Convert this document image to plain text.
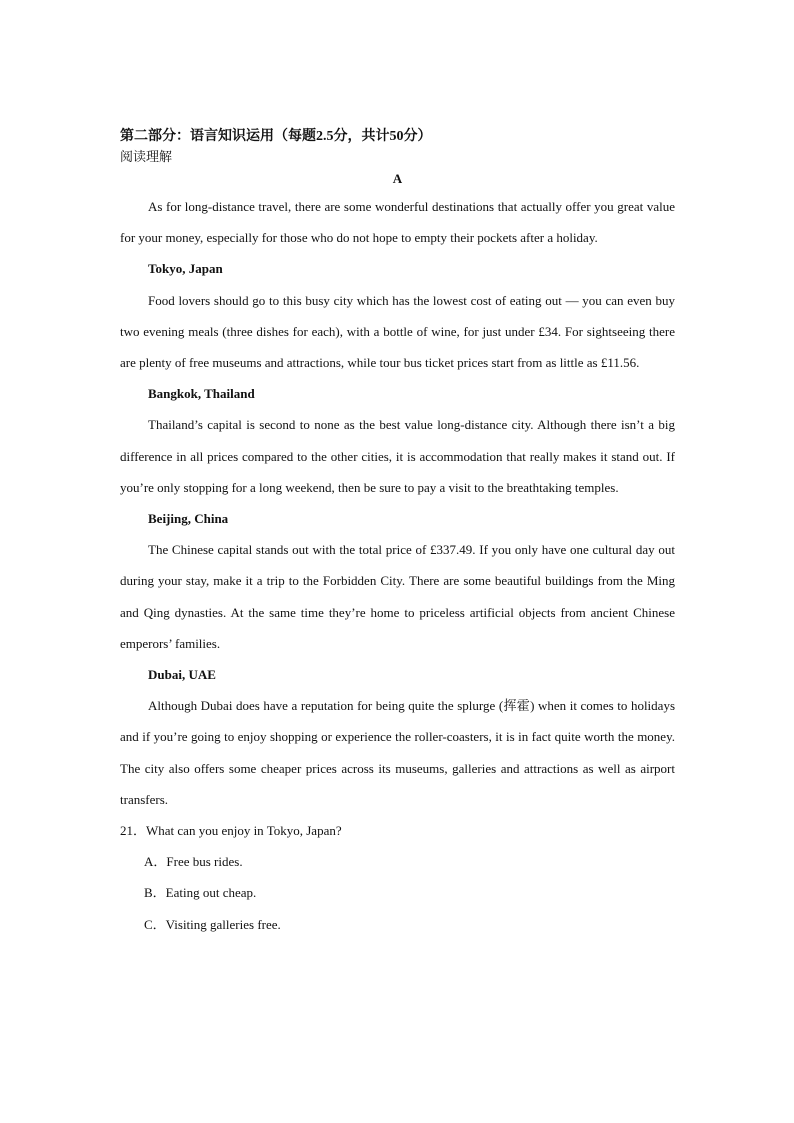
第二部分：语言知识运用（每题2.5分，共计50分）
阅读理解
A

As for long-distance travel, there are some wonderful destinations that actually offer you great value for your money, especially for those who do not hope to empty their pockets after a holiday.

Tokyo, Japan

Food lovers should go to this busy city which has the lowest cost of eating out — you can even buy two evening meals (three dishes for each), with a bottle of wine, for just under £34. For sightseeing there are plenty of free museums and attractions, while tour bus ticket prices start from as little as £11.56.

Bangkok, Thailand

Thailand’s capital is second to none as the best value long-distance city. Although there isn’t a big difference in all prices compared to the other cities, it is accommodation that really makes it stand out. If you’re only stopping for a long weekend, then be sure to pay a visit to the breathtaking temples.

Beijing, China

The Chinese capital stands out with the total price of £337.49. If you only have one cultural day out during your stay, make it a trip to the Forbidden City. There are some beautiful buildings from the Ming and Qing dynasties. At the same time they’re home to priceless artificial objects from ancient Chinese emperors’ families.

Dubai, UAE

Although Dubai does have a reputation for being quite the splurge (挥霍) when it comes to holidays and if you’re going to enjoy shopping or experience the roller-coasters, it is in fact quite worth the money. The city also offers some cheaper prices across its museums, galleries and attractions as well as airport transfers.

21．What can you enjoy in Tokyo, Japan?
A．Free bus rides.
B．Eating out cheap.
C．Visiting galleries free.
